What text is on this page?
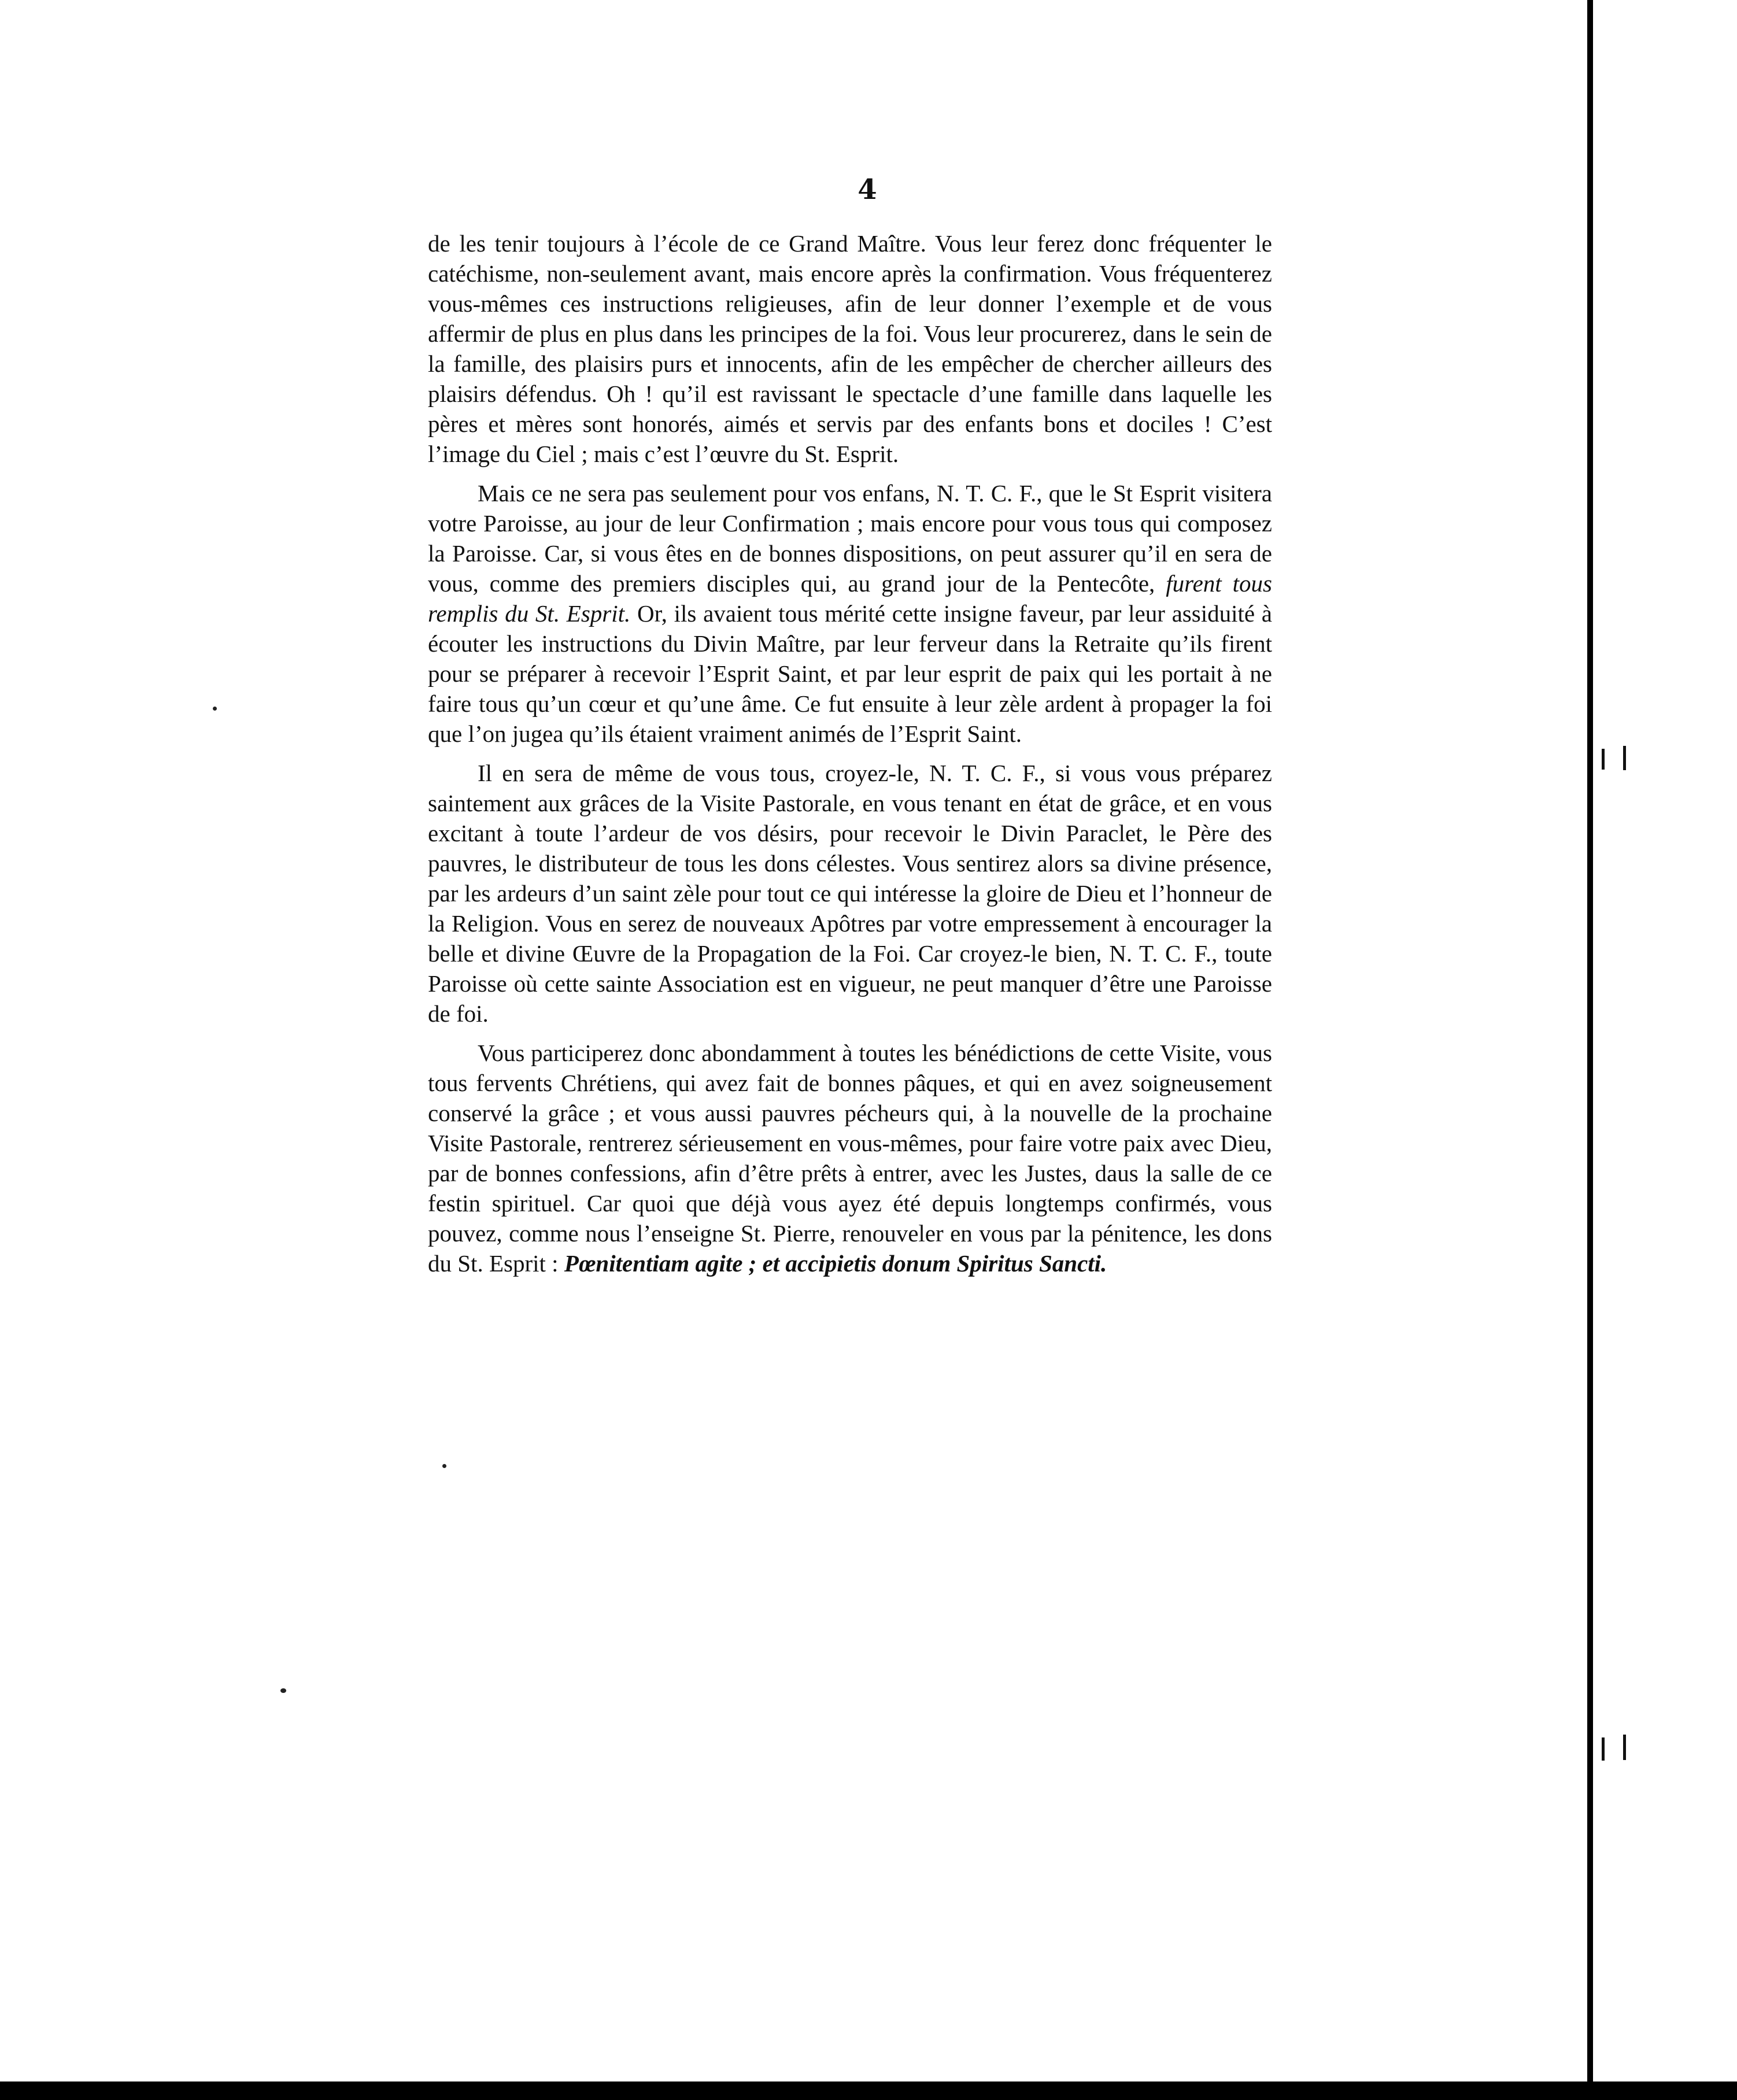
4

de les tenir toujours à l’école de ce Grand Maître. Vous leur ferez donc fréquenter le catéchisme, non-seulement avant, mais encore après la confirmation. Vous fréquenterez vous-mêmes ces instructions religieuses, afin de leur donner l’exemple et de vous affermir de plus en plus dans les principes de la foi. Vous leur procurerez, dans le sein de la famille, des plaisirs purs et innocents, afin de les empêcher de chercher ailleurs des plaisirs défendus. Oh ! qu’il est ravissant le spectacle d’une famille dans laquelle les pères et mères sont honorés, aimés et servis par des enfants bons et dociles ! C’est l’image du Ciel ; mais c’est l’œuvre du St. Esprit.

Mais ce ne sera pas seulement pour vos enfans, N. T. C. F., que le St Esprit visitera votre Paroisse, au jour de leur Confirmation ; mais encore pour vous tous qui composez la Paroisse. Car, si vous êtes en de bonnes dispositions, on peut assurer qu’il en sera de vous, comme des premiers disciples qui, au grand jour de la Pentecôte, furent tous remplis du St. Esprit. Or, ils avaient tous mérité cette insigne faveur, par leur assiduité à écouter les instructions du Divin Maître, par leur ferveur dans la Retraite qu’ils firent pour se préparer à recevoir l’Esprit Saint, et par leur esprit de paix qui les portait à ne faire tous qu’un cœur et qu’une âme. Ce fut ensuite à leur zèle ardent à propager la foi que l’on jugea qu’ils étaient vraiment animés de l’Esprit Saint.

Il en sera de même de vous tous, croyez-le, N. T. C. F., si vous vous préparez saintement aux grâces de la Visite Pastorale, en vous tenant en état de grâce, et en vous excitant à toute l’ardeur de vos désirs, pour recevoir le Divin Paraclet, le Père des pauvres, le distributeur de tous les dons célestes. Vous sentirez alors sa divine présence, par les ardeurs d’un saint zèle pour tout ce qui intéresse la gloire de Dieu et l’honneur de la Religion. Vous en serez de nouveaux Apôtres par votre empressement à encourager la belle et divine Œuvre de la Propagation de la Foi. Car croyez-le bien, N. T. C. F., toute Paroisse où cette sainte Association est en vigueur, ne peut manquer d’être une Paroisse de foi.

Vous participerez donc abondamment à toutes les bénédictions de cette Visite, vous tous fervents Chrétiens, qui avez fait de bonnes pâques, et qui en avez soigneusement conservé la grâce ; et vous aussi pauvres pécheurs qui, à la nouvelle de la prochaine Visite Pastorale, rentrerez sérieusement en vous-mêmes, pour faire votre paix avec Dieu, par de bonnes confessions, afin d’être prêts à entrer, avec les Justes, daus la salle de ce festin spirituel. Car quoi que déjà vous ayez été depuis longtemps confirmés, vous pouvez, comme nous l’enseigne St. Pierre, renouveler en vous par la pénitence, les dons du St. Esprit : Pœnitentiam agite ; et accipietis donum Spiritus Sancti.
